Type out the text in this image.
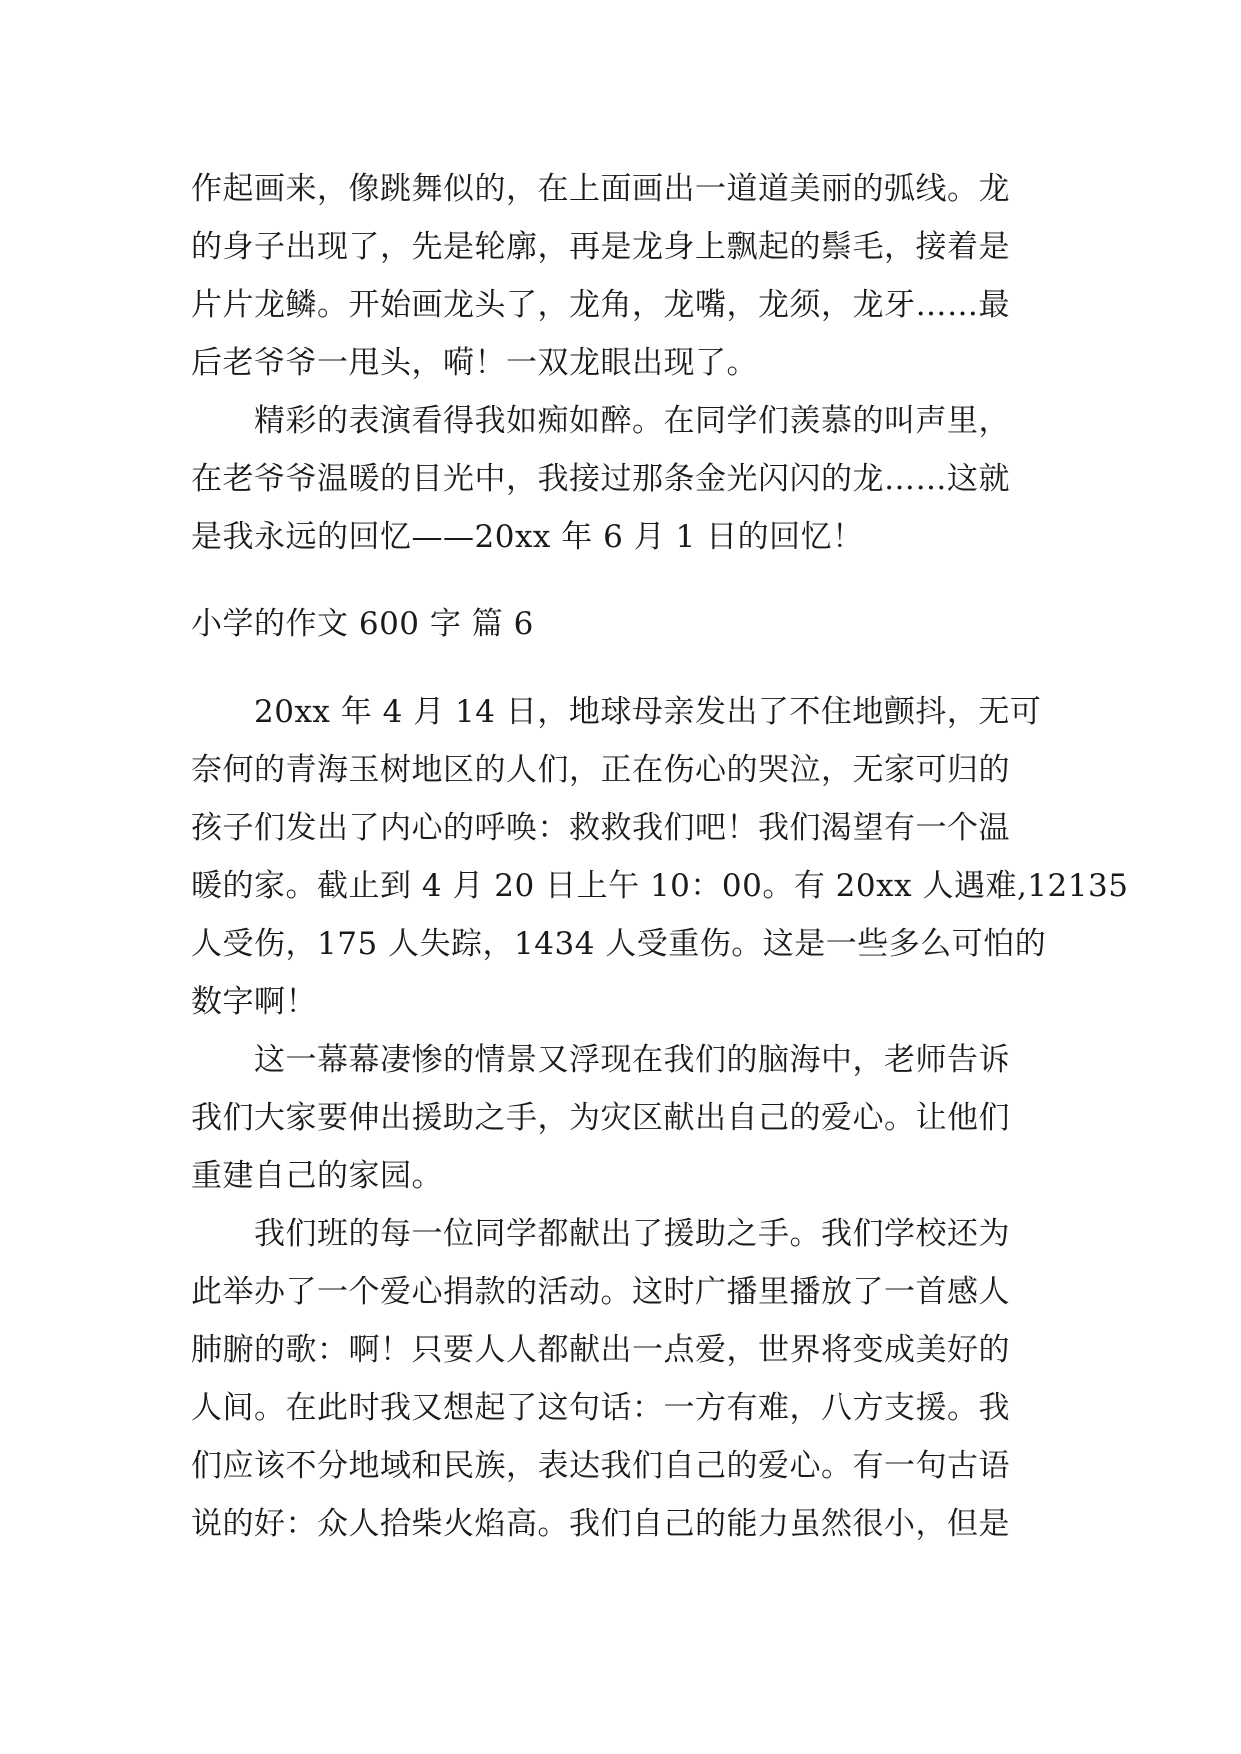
作起画来，像跳舞似的，在上面画出一道道美丽的弧线。龙
的身子出现了，先是轮廓，再是龙身上飘起的鬃毛，接着是
片片龙鳞。开始画龙头了，龙角，龙嘴，龙须，龙牙……最
后老爷爷一甩头，嗬！一双龙眼出现了。
　　精彩的表演看得我如痴如醉。在同学们羡慕的叫声里，
在老爷爷温暖的目光中，我接过那条金光闪闪的龙……这就
是我永远的回忆——20xx 年 6 月 1 日的回忆！
小学的作文 600 字 篇 6
　　20xx 年 4 月 14 日，地球母亲发出了不住地颤抖，无可
奈何的青海玉树地区的人们，正在伤心的哭泣，无家可归的
孩子们发出了内心的呼唤：救救我们吧！我们渴望有一个温
暖的家。截止到 4 月 20 日上午 10：00。有 20xx 人遇难,12135
人受伤，175 人失踪，1434 人受重伤。这是一些多么可怕的
数字啊！
　　这一幕幕凄惨的情景又浮现在我们的脑海中，老师告诉
我们大家要伸出援助之手，为灾区献出自己的爱心。让他们
重建自己的家园。
　　我们班的每一位同学都献出了援助之手。我们学校还为
此举办了一个爱心捐款的活动。这时广播里播放了一首感人
肺腑的歌：啊！只要人人都献出一点爱，世界将变成美好的
人间。在此时我又想起了这句话：一方有难，八方支援。我
们应该不分地域和民族，表达我们自己的爱心。有一句古语
说的好：众人拾柴火焰高。我们自己的能力虽然很小，但是
